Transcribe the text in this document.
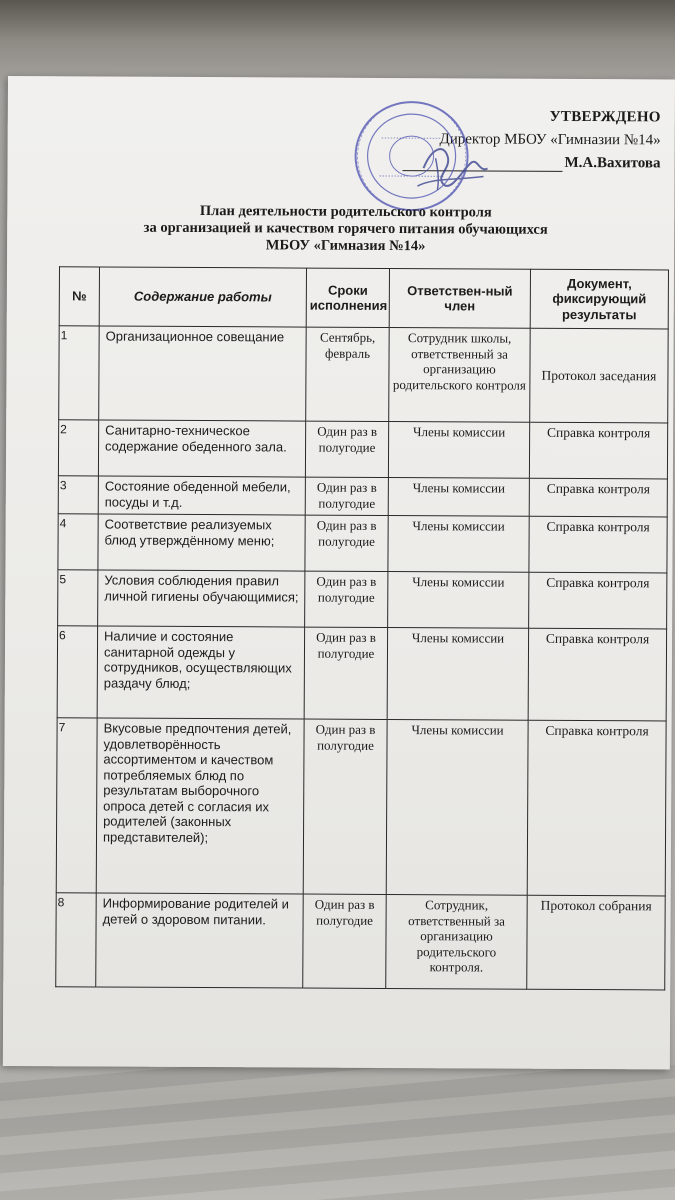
УТВЕРЖДЕНО
Директор МБОУ «Гимназии №14»
М.А.Вахитова
План деятельности родительского контроля
за организацией и качеством горячего питания обучающихся
МБОУ «Гимназия №14»
№	Содержание работы	Сроки исполнения	Ответствен-ный член	Документ, фиксирующий результаты
1	Организационное совещание	Сентябрь, февраль	Сотрудник школы, ответственный за организацию родительского контроля	Протокол заседания
2	Санитарно-техническое содержание обеденного зала.	Один раз в полугодие	Члены комиссии	Справка контроля
3	Состояние обеденной мебели, посуды и т.д.	Один раз в полугодие	Члены комиссии	Справка контроля
4	Соответствие реализуемых блюд утверждённому меню;	Один раз в полугодие	Члены комиссии	Справка контроля
5	Условия соблюдения правил личной гигиены обучающимися;	Один раз в полугодие	Члены комиссии	Справка контроля
6	Наличие и состояние санитарной одежды у сотрудников, осуществляющих раздачу блюд;	Один раз в полугодие	Члены комиссии	Справка контроля
7	Вкусовые предпочтения детей, удовлетворённость ассортиментом и качеством потребляемых блюд по результатам выборочного опроса детей с согласия их родителей (законных представителей);	Один раз в полугодие	Члены комиссии	Справка контроля
8	Информирование родителей и детей о здоровом питании.	Один раз в полугодие	Сотрудник, ответственный за организацию родительского контроля.	Протокол собрания
